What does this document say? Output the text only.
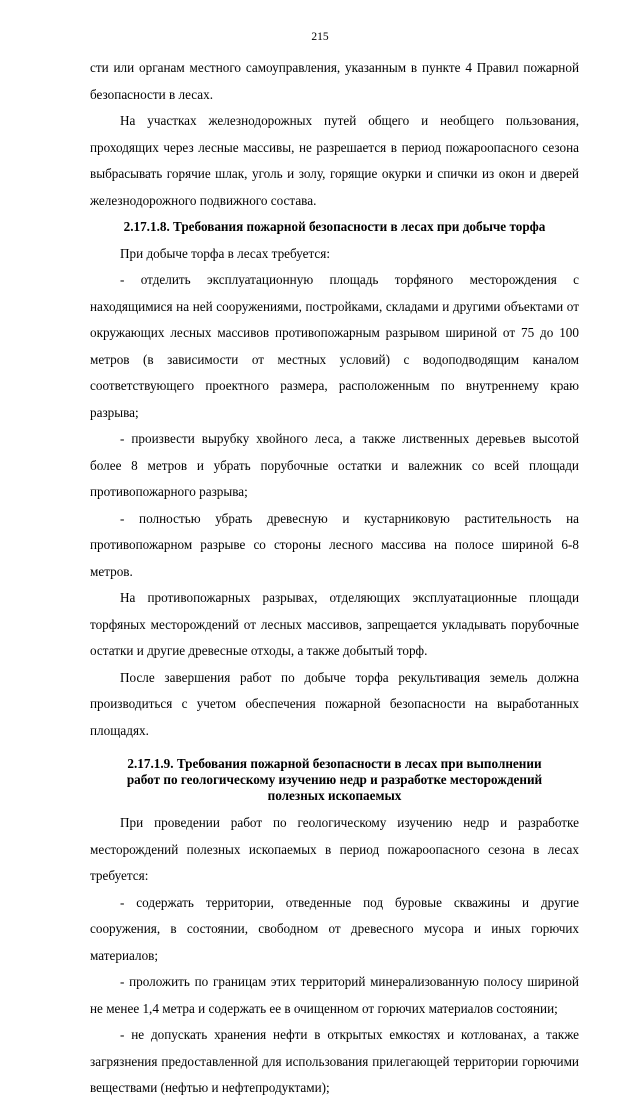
215

сти или органам местного самоуправления, указанным в пункте 4 Правил пожарной безопасности в лесах.

На участках железнодорожных путей общего и необщего пользования, проходящих через лесные массивы, не разрешается в период пожароопасного сезона выбрасывать горячие шлак, уголь и золу, горящие окурки и спички из окон и дверей железнодорожного подвижного состава.

2.17.1.8. Требования пожарной безопасности в лесах при добыче торфа

При добыче торфа в лесах требуется:

- отделить эксплуатационную площадь торфяного месторождения с находящимися на ней сооружениями, постройками, складами и другими объектами от окружающих лесных массивов противопожарным разрывом шириной от 75 до 100 метров (в зависимости от местных условий) с водоподводящим каналом соответствующего проектного размера, расположенным по внутреннему краю разрыва;

- произвести вырубку хвойного леса, а также лиственных деревьев высотой более 8 метров и убрать порубочные остатки и валежник со всей площади противопожарного разрыва;

- полностью убрать древесную и кустарниковую растительность на противопожарном разрыве со стороны лесного массива на полосе шириной 6-8 метров.

На противопожарных разрывах, отделяющих эксплуатационные площади торфяных месторождений от лесных массивов, запрещается укладывать порубочные остатки и другие древесные отходы, а также добытый торф.

После завершения работ по добыче торфа рекультивация земель должна производиться с учетом обеспечения пожарной безопасности на выработанных площадях.

2.17.1.9. Требования пожарной безопасности в лесах при выполнении
работ по геологическому изучению недр и разработке месторождений
полезных ископаемых

При проведении работ по геологическому изучению недр и разработке месторождений полезных ископаемых в период пожароопасного сезона в лесах требуется:

- содержать территории, отведенные под буровые скважины и другие сооружения, в состоянии, свободном от древесного мусора и иных горючих материалов;

- проложить по границам этих территорий минерализованную полосу шириной не менее 1,4 метра и содержать ее в очищенном от горючих материалов состоянии;

- не допускать хранения нефти в открытых емкостях и котлованах, а также загрязнения предоставленной для использования прилегающей территории горючими веществами (нефтью и нефтепродуктами);
